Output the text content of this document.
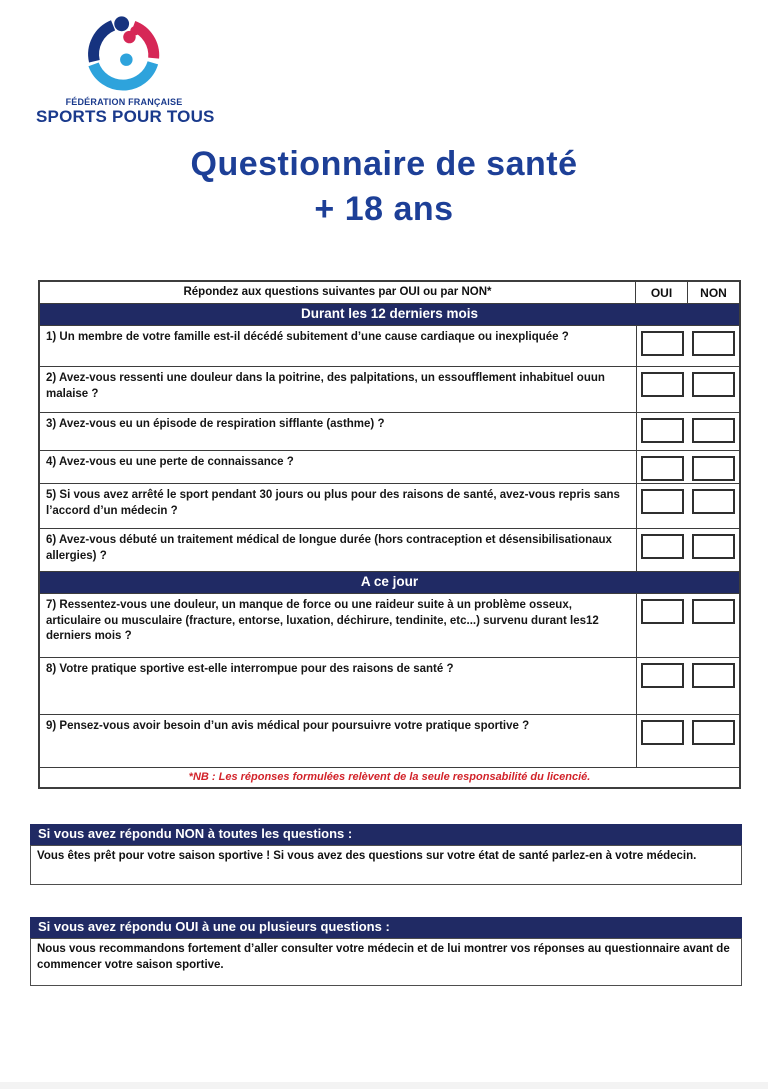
FÉDÉRATION FRANÇAISE
SPORTS POUR TOUS
Questionnaire de santé
+ 18 ans
Répondez aux questions suivantes par OUI ou par NON*	OUI	NON
Durant les 12 derniers mois
1) Un membre de votre famille est-il décédé subitement d’une cause cardiaque ou inexpliquée ?
2) Avez-vous ressenti une douleur dans la poitrine, des palpitations, un essoufflement inhabituel ouun malaise ?
3) Avez-vous eu un épisode de respiration sifflante (asthme) ?
4) Avez-vous eu une perte de connaissance ?
5) Si vous avez arrêté le sport pendant 30 jours ou plus pour des raisons de santé, avez-vous repris sans l’accord d’un médecin ?
6) Avez-vous débuté un traitement médical de longue durée (hors contraception et désensibilisationaux allergies) ?
A ce jour
7) Ressentez-vous une douleur, un manque de force ou une raideur suite à un problème osseux, articulaire ou musculaire (fracture, entorse, luxation, déchirure, tendinite, etc...) survenu durant les12 derniers mois ?
8) Votre pratique sportive est-elle interrompue pour des raisons de santé ?
9) Pensez-vous avoir besoin d’un avis médical pour poursuivre votre pratique sportive ?
*NB : Les réponses formulées relèvent de la seule responsabilité du licencié.
Si vous avez répondu NON à toutes les questions :
Vous êtes prêt pour votre saison sportive ! Si vous avez des questions sur votre état de santé parlez-en à votre médecin.
Si vous avez répondu OUI à une ou plusieurs questions :
Nous vous recommandons fortement d’aller consulter votre médecin et de lui montrer vos réponses au questionnaire avant de commencer votre saison sportive.
